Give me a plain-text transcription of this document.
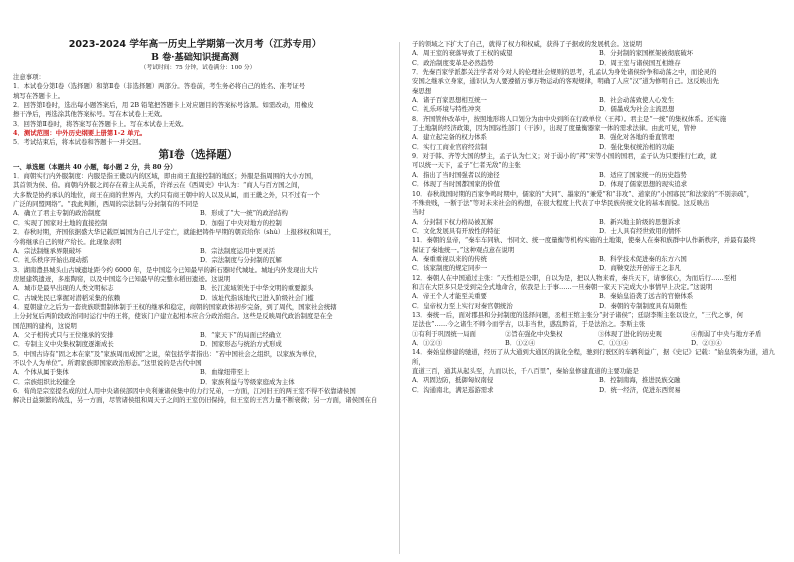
2023-2024 学年高一历史上学期第一次月考（江苏专用）
B 卷·基础知识提高测
（考试时间：75 分钟，试卷满分：100 分）

注意事项：

1．本试卷分第Ⅰ卷（选择题）和第Ⅱ卷（非选择题）两部分。答卷前，考生务必将自己的姓名、准考证号

填写在答题卡上。

2．回答第Ⅰ卷时，选出每小题答案后，用 2B 铅笔把答题卡上对应题目的答案标号涂黑。如需改动，用橡皮

擦干净后，再选涂其他答案标号。写在本试卷上无效。

3．回答第Ⅱ卷时，将答案写在答题卡上。写在本试卷上无效。

4．测试范围：中外历史纲要上册第1-2 单元。

5．考试结束后，将本试卷和答题卡一并交回。

第Ⅰ卷（选择题）

一、单选题（本题共 40 小题，每小题 2 分，共 80 分）

1．商朝实行内外服制度：内服是指王畿以内的区域，即由商王直接控制的地区；外服是指周围的大小方国，

其首领为侯、伯。商朝内外服之间存在着主从关系，许祥云在《西周史》中认为：“商人与百方国之间，

大多数是协约承认的地位，商王在商的世界内，大约只有商王朝中的人以及从属，而王畿之外，只不过有一个

广泛的同盟网络”。“我此判断，西周的宗法制与分封制有的不同是

A．确立了君主专制的政治制度	B．形成了“大一统”的政治结构
C．实现了国家对土地的直接控制	D．加强了中央对地方的控制

2．春秋时期，齐国依据盛大华记载臣属国为自己儿子定亡，就能把铸件早期的朝贡给你（shù）上报移权和周王，

今将继承自己的财产给长。此现象表明

A．宗法制继承界限破坏	B．宗法制度运用中更灵活
C．礼乐秩序开始出现动摇	D．宗法制度与分封制的瓦解

3．湖南澧县城头山古城遗址距今约 6000 年，是中国迄今已知最早的新石器时代城址。城址内外发现出大片

房屋建筑遗迹，多座陶窑，以及中国迄今已知最早的完整水稻田遗迹。这说明

A．城市是最早出现的人类文明标志	B．长江流域领先于中华文明的重要源头
C．古城先民已掌握对潜稻采集的依赖	D．该址代指该地代已进入阶级社会门槛

4．夏朝建立之后为一套贵族联盟制体制于王权的继承和稳定，商朝的国家政体初步完备，到了周代，国家社会统辖

上分封复后两阶段政治同时运行中的王将，使该门户建立起相本应合分政治组合。这些是反映周代政治制度是在全

国范围的建构，这说明

A．父子相传式只与王位继承的安排	B．“家天下”的局面已经确立
C．专制主义中央集权制度逐渐成长	D．国家形态与统治方式形成

5．中国古诗有“固之本在家”及“家族周而成国”之说，荣包括学者指出：“若中国社会之组织，以家族为单位，

不以个人为单位”。所谓家族即国家政治形态。”这里说的是古代中国

A．个体从属于集体	B．血缘纽带至上
C．宗族组织比较健全	D．家族利益与等级家庭成为主体

6．荀尚是宗室提名成的过人用中央诸侯部因中央利兼诸侯集中的力行兄弟，一方面，江河旧王的两王室不得不依靠诸侯国

解决日益频繁的战乱，另一方面，尽管诸侯组和周天子之间的王室仍旧保持，但王室的王宫力量不断衰微；另一方面，诸侯国在自

子的领域之下扩大了自己，就得了权力和权威，获得了子据或的发展机会。这说明

A．周王室的衰落导致了王权的威望	B．分封制的家国框架被彻底破坏
C．政治制度变革是必然趋势	D．周王室与诸侯国互相维存

7．先秦百家学派都关注学者对今对人的伦理社会规则的思考，孔孟认为身处诸侯纷争和动荡之中，而论灵的

安国之继承立身家，通识认为人要遵循万事万物运动的客观规律，明确了人应“汉”道为修明自己。这反映出先

秦思想

A．诸子百家思想相互统一	B．社会动荡致使人心发生
C．礼乐环境与特性冲突	D．儒墨成为社会主流思想

8．齐国管仲改革中，按照地形将人口划分为由中央到所在行政单位（王邦）。君主是“一统”的集权体系。还实施

了土地制的经济政策，因为国际性部门（干涉），出现了度量衡器家一体的需求法律。由此可见，管仲

A．建立起完备的权力体系	B．强化对各地的垂直管理
C．实行工商业官府经营制	D．强化集权统治相的功能

9．对于韩、齐等大国的梦主，孟子认为仁义；对于弱小的“邦”宋等小国的国君，孟子认为只要推行仁政，就

可以统一天下，孟子“仁者无敌”的主张

A．指出了当时国强者以的途径	B．适应了国家统一的历史趋势
C．体现了当时国都国家的价值	D．体现了儒家思想的现实追求

10．春秋战国时期的百家争鸣时期中，儒家的“大同”、墨家的“兼爱”和“非攻”、道家的“小国寡民”和法家的“不别亲疏”，

不殊贵贱，一断于法”等对未来社会的构想，在很大程度上代表了中华民族传统文化的基本面貌。这反映出

当时

A．分封制下权力格局被瓦解	B．新兴地主阶级的思想诉求
C．文化发展具有开放性的特征	D．士人具有经世致用的情怀

11．秦朝的皇帝，“秦车车同轨、书同文、统一度量衡等机构实施的土地策，使秦人在秦和族群中认作新秩序，并最有最终

保证了秦地统一。”这种观点意在说明

A．秦重重视以来的的传统	B．科学技术促进秦的东方六国
C．该家制度的规定同步一	D．商鞅变法开创帝王之非凡

12．秦朝人在中国通过主张：“天性相是公职，自以为是，把以人物来看，秦兵天下，请事依心，为而后行……至相

和言在大臣多只是受到完全式地命合，依我是上于事……一旦秦朝一家天下完成大小事情早上决定。”这说明

A．帝王个人才能至关重要	B．秦始皇沿袭了远古的官僚体系
C．皇帝权力至上实行对秦官朝统治	D．秦朝的专制制度具有局限性

13．秦统一后，面对郡县和分封制度的选择问题，丞相王绾主张分“封子诸侯”；廷尉李斯主张以设立，“三代之事，何

足法也”……今之诸生不师今而学古，以非当世，惑乱黔首，于是法治之。李斯主张

①有利于巩固统一局面	②旨在强化中央集权	③体现了进化的历史观	④削弱了中央与地方矛盾
A．①②③	B．①②④	C．①③④	D．②③④

14．秦始皇修建的驰道，经历了从大通到大通区的演化全程，驰到行驶区的车辆利益广，据《史记》记载：“始皇筑秦为道，道九所，

直道三百，通其从起头至，九而以长，千八百里”，秦始皇修建直道的主要功能是

A．巩固边防，抵御匈奴南侵	B．控制南海，推进民族交融
C．沟通南北，满足巡游需求	D．统一经济，促进东西贸易
